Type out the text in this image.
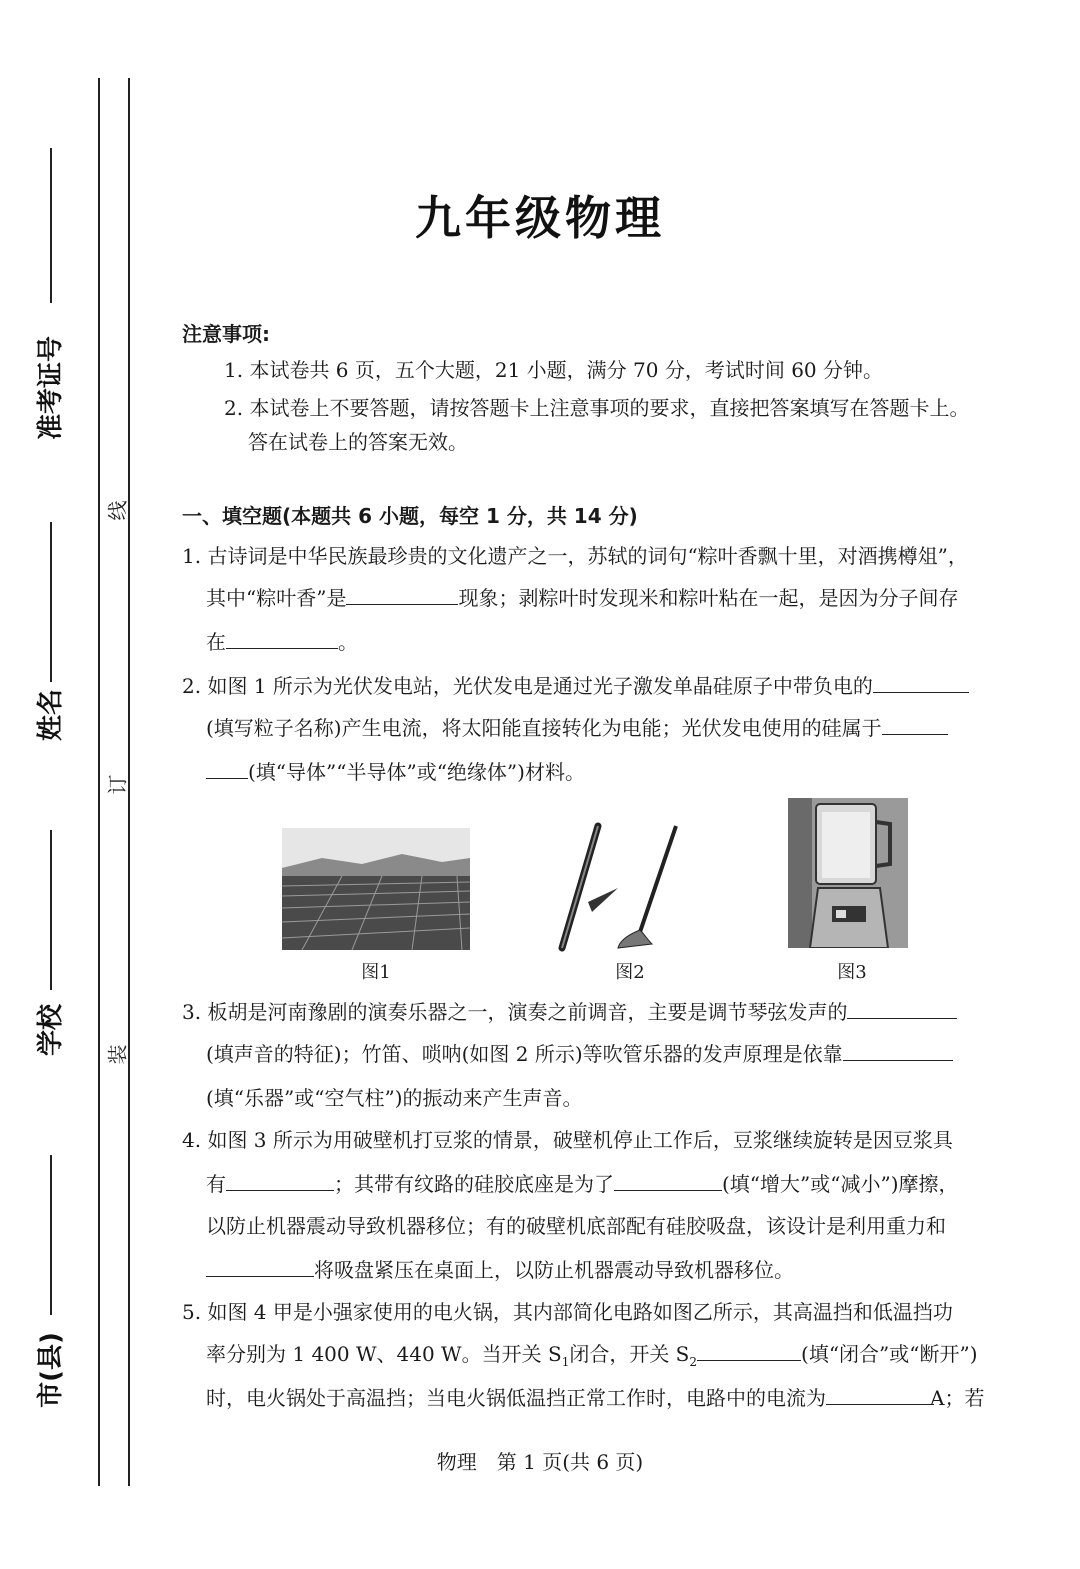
准考证号
姓名
学校
市(县)
线
订
装
九年级物理
注意事项:
1. 本试卷共 6 页，五个大题，21 小题，满分 70 分，考试时间 60 分钟。
2. 本试卷上不要答题，请按答题卡上注意事项的要求，直接把答案填写在答题卡上。
答在试卷上的答案无效。
一、填空题(本题共 6 小题，每空 1 分，共 14 分)
1. 古诗词是中华民族最珍贵的文化遗产之一，苏轼的词句“粽叶香飘十里，对酒携樽俎”，
其中“粽叶香”是	现象；剥粽叶时发现米和粽叶粘在一起，是因为分子间存
在	。
2. 如图 1 所示为光伏发电站，光伏发电是通过光子激发单晶硅原子中带负电的
(填写粒子名称)产生电流，将太阳能直接转化为电能；光伏发电使用的硅属于
(填“导体”“半导体”或“绝缘体”)材料。
图1	图2	图3
3. 板胡是河南豫剧的演奏乐器之一，演奏之前调音，主要是调节琴弦发声的
(填声音的特征)；竹笛、唢呐(如图 2 所示)等吹管乐器的发声原理是依靠
(填“乐器”或“空气柱”)的振动来产生声音。
4. 如图 3 所示为用破壁机打豆浆的情景，破壁机停止工作后，豆浆继续旋转是因豆浆具
有	；其带有纹路的硅胶底座是为了	(填“增大”或“减小”)摩擦，
以防止机器震动导致机器移位；有的破壁机底部配有硅胶吸盘，该设计是利用重力和
将吸盘紧压在桌面上，以防止机器震动导致机器移位。
5. 如图 4 甲是小强家使用的电火锅，其内部简化电路如图乙所示，其高温挡和低温挡功
率分别为 1 400 W、440 W。当开关 $S_1$闭合，开关 $S_2$	(填“闭合”或“断开”)
时，电火锅处于高温挡；当电火锅低温挡正常工作时，电路中的电流为	A；若
物理　第 1 页(共 6 页)
